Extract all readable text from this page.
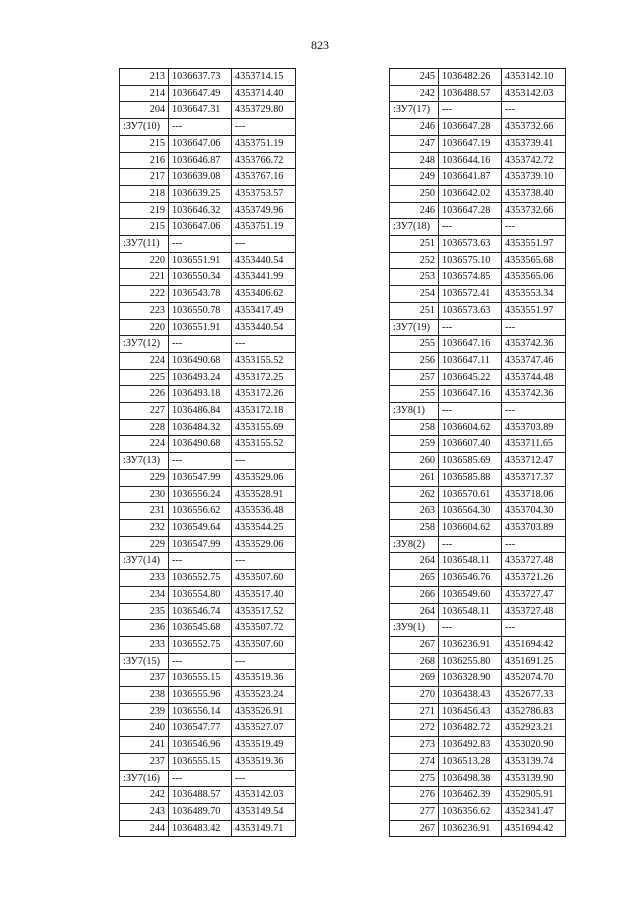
823
213	1036637.73	4353714.15
214	1036647.49	4353714.40
204	1036647.31	4353729.80
:ЗУ7(10)	---	---
215	1036647.06	4353751.19
216	1036646.87	4353766.72
217	1036639.08	4353767.16
218	1036639.25	4353753.57
219	1036646.32	4353749.96
215	1036647.06	4353751.19
:ЗУ7(11)	---	---
220	1036551.91	4353440.54
221	1036550.34	4353441.99
222	1036543.78	4353406.62
223	1036550.78	4353417.49
220	1036551.91	4353440.54
:ЗУ7(12)	---	---
224	1036490.68	4353155.52
225	1036493.24	4353172.25
226	1036493.18	4353172.26
227	1036486.84	4353172.18
228	1036484.32	4353155.69
224	1036490.68	4353155.52
:ЗУ7(13)	---	---
229	1036547.99	4353529.06
230	1036556.24	4353528.91
231	1036556.62	4353536.48
232	1036549.64	4353544.25
229	1036547.99	4353529.06
:ЗУ7(14)	---	---
233	1036552.75	4353507.60
234	1036554.80	4353517.40
235	1036546.74	4353517.52
236	1036545.68	4353507.72
233	1036552.75	4353507.60
:ЗУ7(15)	---	---
237	1036555.15	4353519.36
238	1036555.96	4353523.24
239	1036556.14	4353526.91
240	1036547.77	4353527.07
241	1036546.96	4353519.49
237	1036555.15	4353519.36
:ЗУ7(16)	---	---
242	1036488.57	4353142.03
243	1036489.70	4353149.54
244	1036483.42	4353149.71
245	1036482.26	4353142.10
242	1036488.57	4353142.03
:ЗУ7(17)	---	---
246	1036647.28	4353732.66
247	1036647.19	4353739.41
248	1036644.16	4353742.72
249	1036641.87	4353739.10
250	1036642.02	4353738.40
246	1036647.28	4353732.66
:ЗУ7(18)	---	---
251	1036573.63	4353551.97
252	1036575.10	4353565.68
253	1036574.85	4353565.06
254	1036572.41	4353553.34
251	1036573.63	4353551.97
:ЗУ7(19)	---	---
255	1036647.16	4353742.36
256	1036647.11	4353747.46
257	1036645.22	4353744.48
255	1036647.16	4353742.36
:ЗУ8(1)	---	---
258	1036604.62	4353703.89
259	1036607.40	4353711.65
260	1036585.69	4353712.47
261	1036585.88	4353717.37
262	1036570.61	4353718.06
263	1036564.30	4353704.30
258	1036604.62	4353703.89
:ЗУ8(2)	---	---
264	1036548.11	4353727.48
265	1036546.76	4353721.26
266	1036549.60	4353727.47
264	1036548.11	4353727.48
:ЗУ9(1)	---	---
267	1036236.91	4351694.42
268	1036255.80	4351691.25
269	1036328.90	4352074.70
270	1036438.43	4352677.33
271	1036456.43	4352786.83
272	1036482.72	4352923.21
273	1036492.83	4353020.90
274	1036513.28	4353139.74
275	1036498.38	4353139.90
276	1036462.39	4352905.91
277	1036356.62	4352341.47
267	1036236.91	4351694.42
